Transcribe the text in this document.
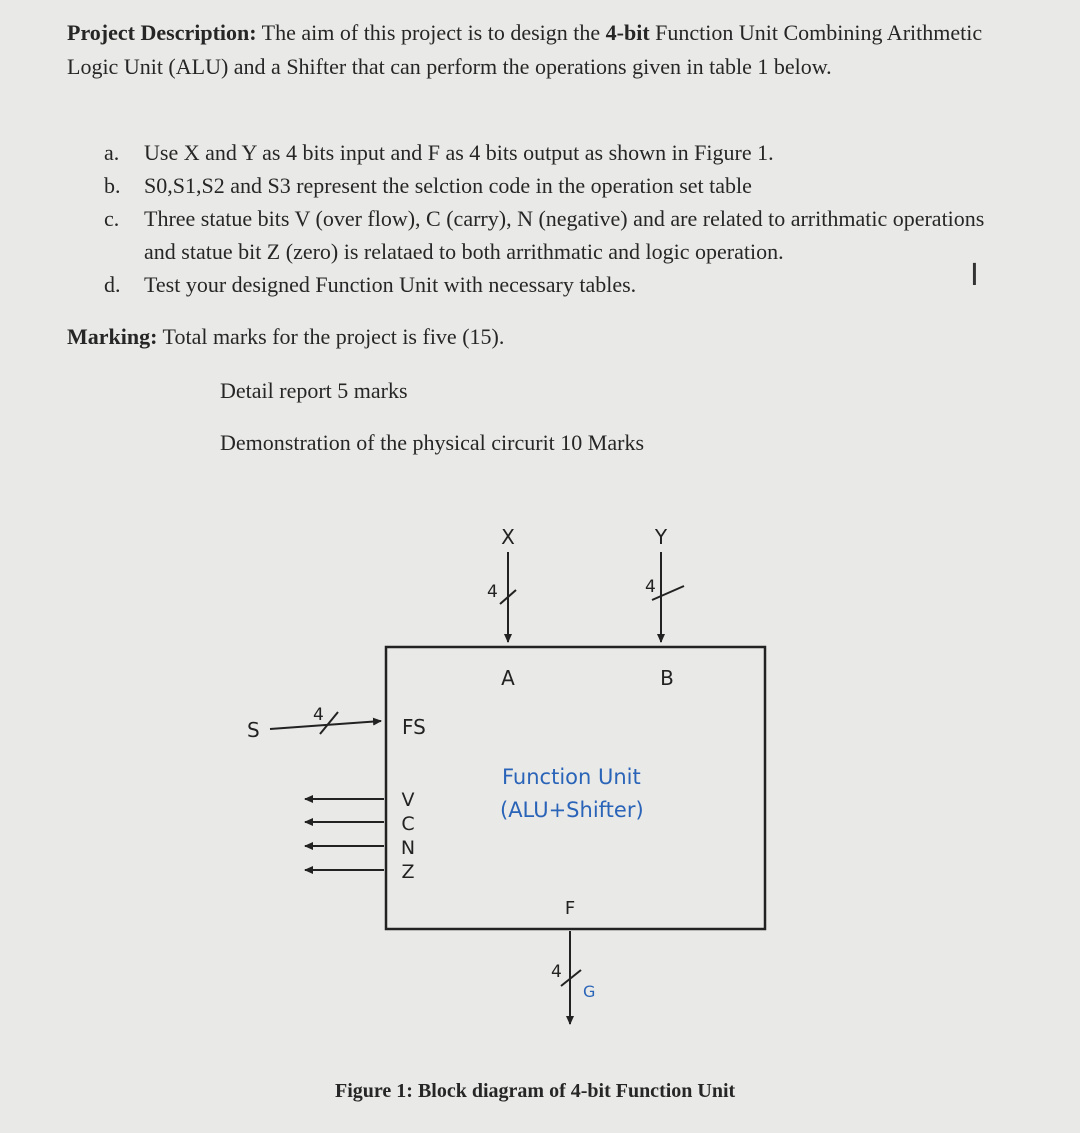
Project Description: The aim of this project is to design the 4-bit Function Unit Combining Arithmetic Logic Unit (ALU) and a Shifter that can perform the operations given in table 1 below.

a. Use X and Y as 4 bits input and F as 4 bits output as shown in Figure 1.
b. S0,S1,S2 and S3 represent the selction code in the operation set table
c. Three statue bits V (over flow), C (carry), N (negative) and are related to arrithmatic operations and statue bit Z (zero) is relataed to both arrithmatic and logic operation.
d. Test your designed Function Unit with necessary tables.	I

Marking: Total marks for the project is five (15).

Detail report 5 marks

Demonstration of the physical circurit 10 Marks

X
4
Y
4
A	B
S
4	FS
V
C
N
Z
Function Unit
(ALU+Shifter)
F
4
G

Figure 1: Block diagram of 4-bit Function Unit
